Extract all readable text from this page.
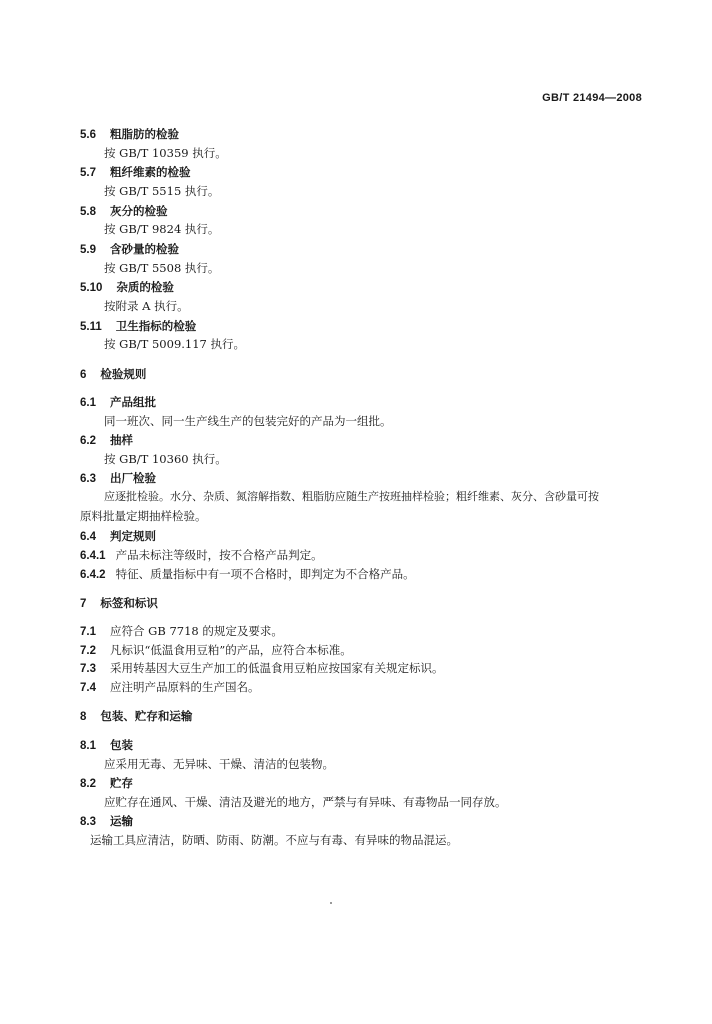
GB/T 21494—2008
5.6 粗脂肪的检验
按 GB/T 10359 执行。
5.7 粗纤维素的检验
按 GB/T 5515 执行。
5.8 灰分的检验
按 GB/T 9824 执行。
5.9 含砂量的检验
按 GB/T 5508 执行。
5.10 杂质的检验
按附录 A 执行。
5.11 卫生指标的检验
按 GB/T 5009.117 执行。
6 检验规则
6.1 产品组批
同一班次、同一生产线生产的包装完好的产品为一组批。
6.2 抽样
按 GB/T 10360 执行。
6.3 出厂检验
应逐批检验。水分、杂质、氮溶解指数、粗脂肪应随生产按班抽样检验；粗纤维素、灰分、含砂量可按
原料批量定期抽样检验。
6.4 判定规则
6.4.1 产品未标注等级时，按不合格产品判定。
6.4.2 特征、质量指标中有一项不合格时，即判定为不合格产品。
7 标签和标识
7.1 应符合 GB 7718 的规定及要求。
7.2 凡标识“低温食用豆粕”的产品，应符合本标准。
7.3 采用转基因大豆生产加工的低温食用豆粕应按国家有关规定标识。
7.4 应注明产品原料的生产国名。
8 包装、贮存和运输
8.1 包装
应采用无毒、无异味、干燥、清洁的包装物。
8.2 贮存
应贮存在通风、干燥、清洁及避光的地方，严禁与有异味、有毒物品一同存放。
8.3 运输
运输工具应清洁，防晒、防雨、防潮。不应与有毒、有异味的物品混运。
